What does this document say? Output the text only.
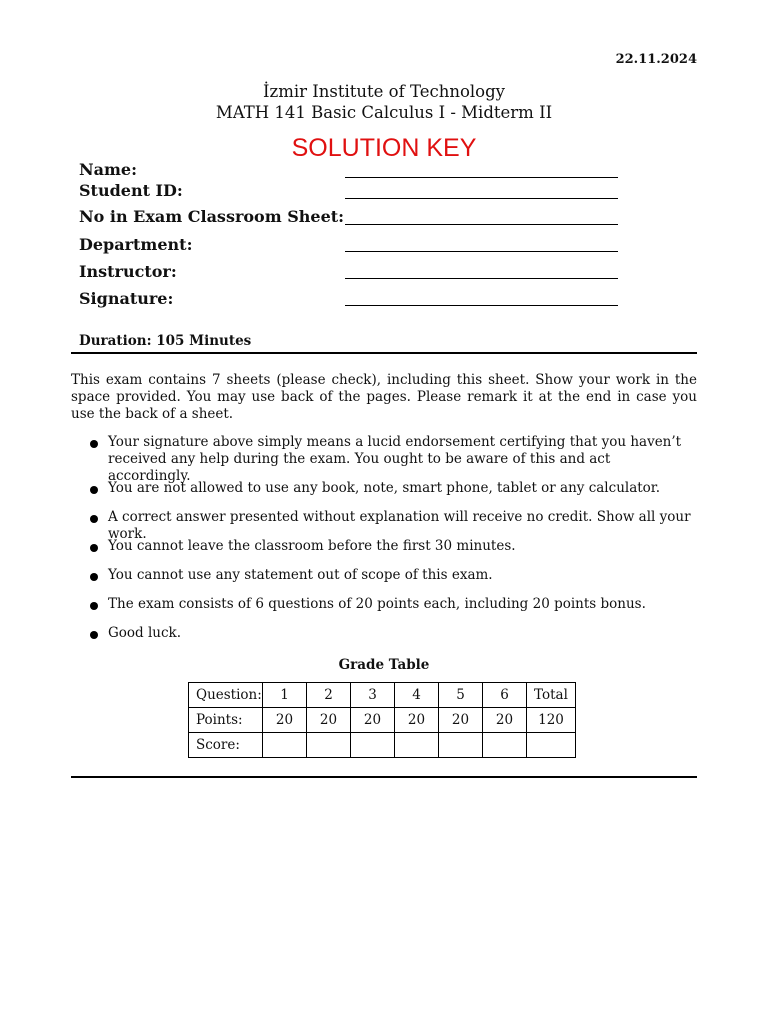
22.11.2024
İzmir Institute of Technology
MATH 141 Basic Calculus I - Midterm II
SOLUTION KEY
Name:
Student ID:
No in Exam Classroom Sheet:
Department:
Instructor:
Signature:
Duration: 105 Minutes
This exam contains 7 sheets (please check), including this sheet. Show your work in the space provided. You may use back of the pages. Please remark it at the end in case you use the back of a sheet.
Your signature above simply means a lucid endorsement certifying that you haven’t received any help during the exam. You ought to be aware of this and act accordingly.
You are not allowed to use any book, note, smart phone, tablet or any calculator.
A correct answer presented without explanation will receive no credit. Show all your work.
You cannot leave the classroom before the first 30 minutes.
You cannot use any statement out of scope of this exam.
The exam consists of 6 questions of 20 points each, including 20 points bonus.
Good luck.
Grade Table
Question:	1	2	3	4	5	6	Total
Points:	20	20	20	20	20	20	120
Score:							
